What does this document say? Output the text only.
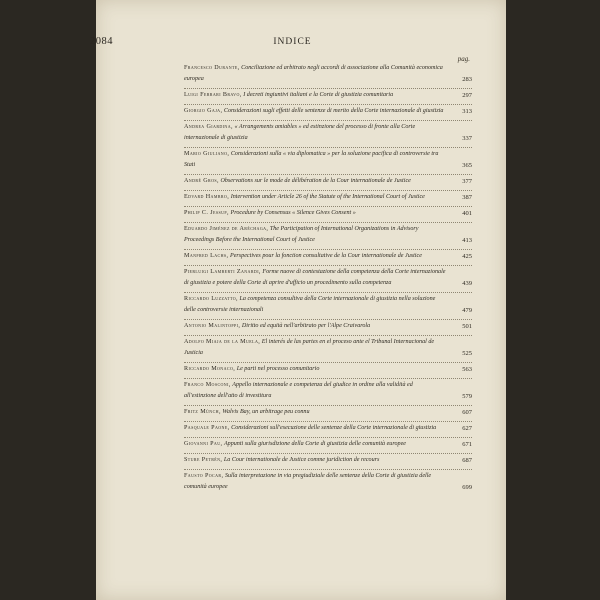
2084	INDICE
pag.
Francesco Durante, Conciliazione ed arbitrato negli accordi di associazione alla Comunità economica europea	283
Luigi Ferrari Bravo, I decreti ingiuntivi italiani e la Corte di giustizia comunitaria	297
Giorgio Gaja, Considerazioni sugli effetti delle sentenze di merito della Corte internazionale di giustizia	313
Andrea Giardina, « Arrangements amiables » ed estinzione del processo di fronte alla Corte internazionale di giustizia	337
Mario Giuliano, Considerazioni sulla « via diplomatica » per la soluzione pacifica di controversie tra Stati	365
André Gros, Observations sur le mode de délibération de la Cour internationale de Justice	377
Edvard Hambro, Intervention under Article 26 of the Statute of the International Court of Justice	387
Philip C. Jessup, Procedure by Consensus « Silence Gives Consent »	401
Eduardo Jiménez de Aréchaga, The Participation of International Organizations in Advisory Proceedings Before the International Court of Justice	413
Manfred Lachs, Perspectives pour la fonction consultative de la Cour internationale de Justice	425
Pierluigi Lamberti Zanardi, Forme nuove di contestazione della competenza della Corte internazionale di giustizia e potere della Corte di aprire d'ufficio un procedimento sulla competenza	439
Riccardo Luzzatto, La competenza consultiva della Corte internazionale di giustizia nella soluzione delle controversie internazionali	479
Antonio Malintoppi, Diritto ed equità nell'arbitrato per l'Alpe Craivarola	501
Adolfo Miaja de la Muela, El interés de las partes en el proceso ante el Tribunal Internacional de Justicia	525
Riccardo Monaco, Le parti nel processo comunitario	563
Franco Mosconi, Appello internazionale e competenza del giudice in ordine alla validità ed all'estinzione dell'atto di investitura	579
Fritz Münch, Walvis Bay, un arbitrage peu connu	607
Pasquale Paone, Considerazioni sull'esecuzione delle sentenze della Corte internazionale di giustizia	627
Giovanni Pau, Appunti sulla giurisdizione della Corte di giustizia delle comunità europee	671
Sture Petrén, La Cour internationale de Justice comme juridiction de recours	687
Fausto Pocar, Sulla interpretazione in via pregiudiziale delle sentenze della Corte di giustizia delle comunità europee	699
